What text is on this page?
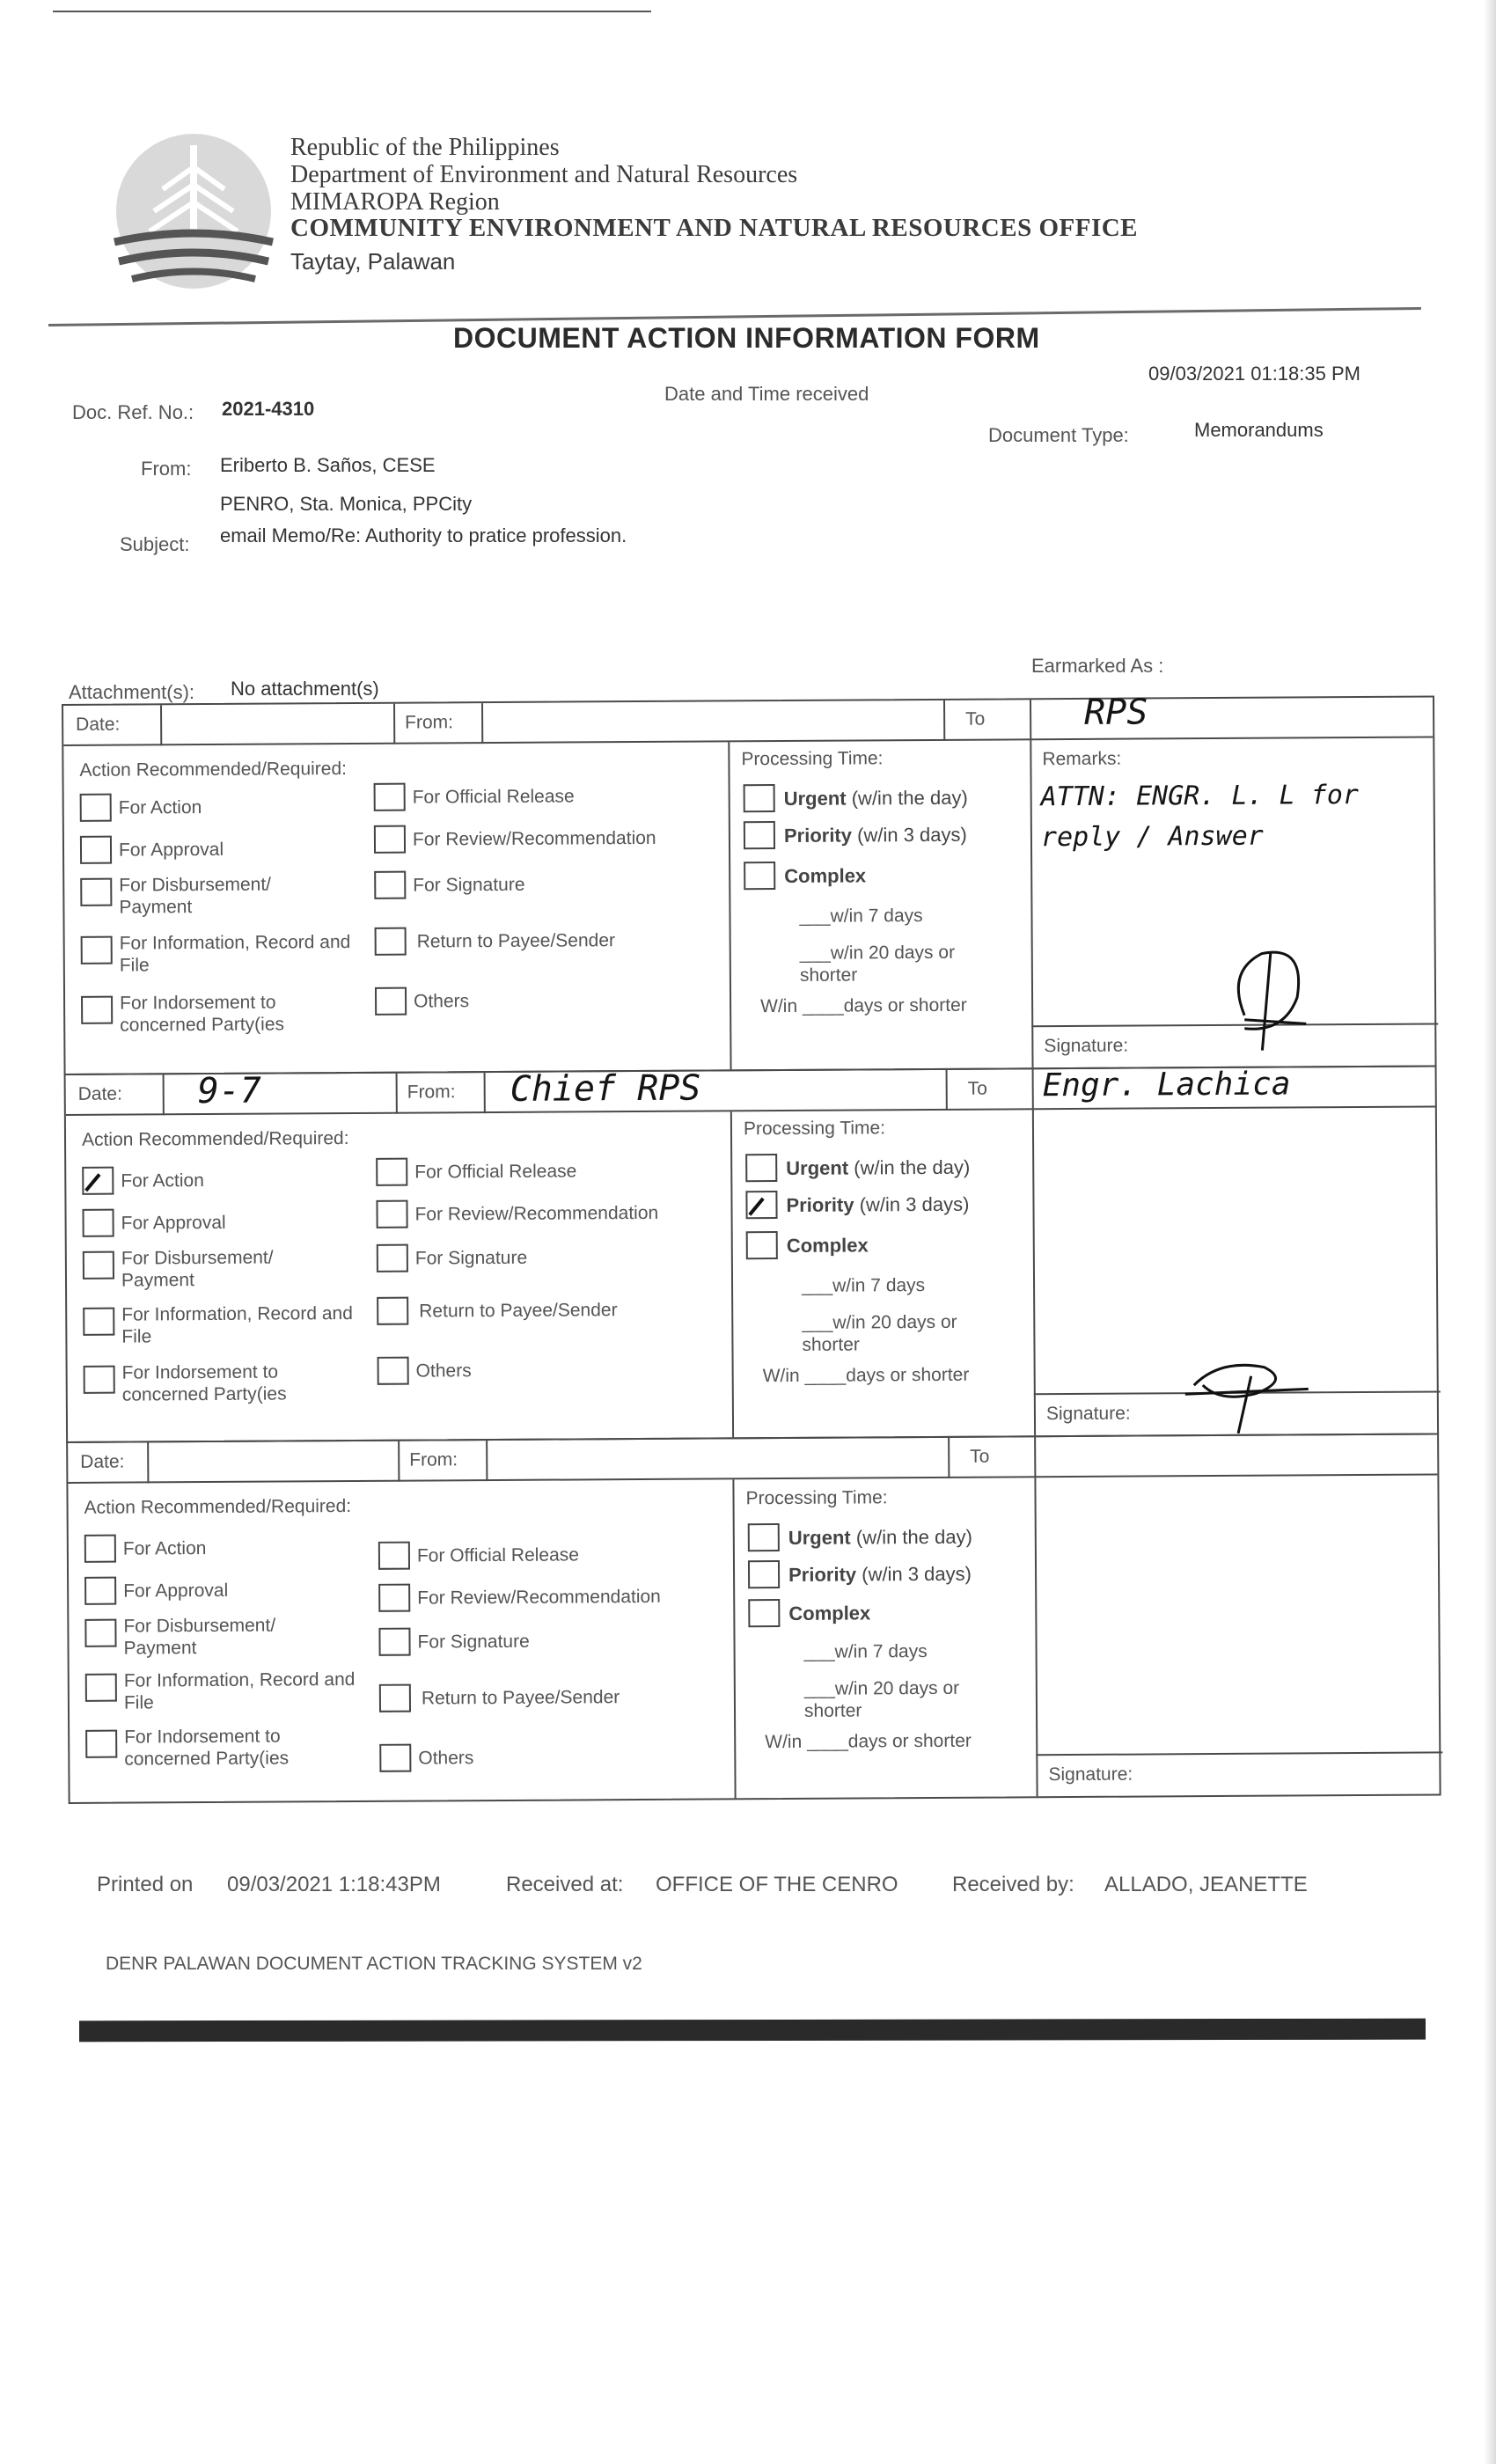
Republic of the Philippines
Department of Environment and Natural Resources
MIMAROPA Region
COMMUNITY ENVIRONMENT AND NATURAL RESOURCES OFFICE
Taytay, Palawan
DOCUMENT ACTION INFORMATION FORM
Doc. Ref. No.: 2021-4310
Date and Time received
09/03/2021 01:18:35 PM
Document Type:	Memorandums
From: Eriberto B. Saños, CESE
PENRO, Sta. Monica, PPCity
Subject: email Memo/Re: Authority to pratice profession.
Earmarked As :
Attachment(s): No attachment(s)
Date:	From:	To	RPS
Action Recommended/Required:
For Action
For Approval
For Disbursement/ Payment
For Information, Record and File
For Indorsement to concerned Party(ies
For Official Release
For Review/Recommendation
For Signature
Return to Payee/Sender
Others
Processing Time:
Urgent (w/in the day)
Priority (w/in 3 days)
Complex
___w/in 7 days
___w/in 20 days or shorter
W/in ____days or shorter
Remarks:
ATTN: ENGR. L. L for reply / Answer
Signature:
Date: 9-7	From: Chief RPS	To Engr. Lachica
Action Recommended/Required:
For Action
For Approval
For Disbursement/ Payment
For Information, Record and File
For Indorsement to concerned Party(ies
For Official Release
For Review/Recommendation
For Signature
Return to Payee/Sender
Others
Processing Time:
Urgent (w/in the day)
Priority (w/in 3 days)
Complex
___w/in 7 days
___w/in 20 days or shorter
W/in ____days or shorter
Signature:
Date:	From:	To
Action Recommended/Required:
For Action
For Approval
For Disbursement/ Payment
For Information, Record and File
For Indorsement to concerned Party(ies
For Official Release
For Review/Recommendation
For Signature
Return to Payee/Sender
Others
Processing Time:
Urgent (w/in the day)
Priority (w/in 3 days)
Complex
___w/in 7 days
___w/in 20 days or shorter
W/in ____days or shorter
Signature:
Printed on 09/03/2021 1:18:43PM	Received at: OFFICE OF THE CENRO	Received by: ALLADO, JEANETTE
DENR PALAWAN DOCUMENT ACTION TRACKING SYSTEM v2
